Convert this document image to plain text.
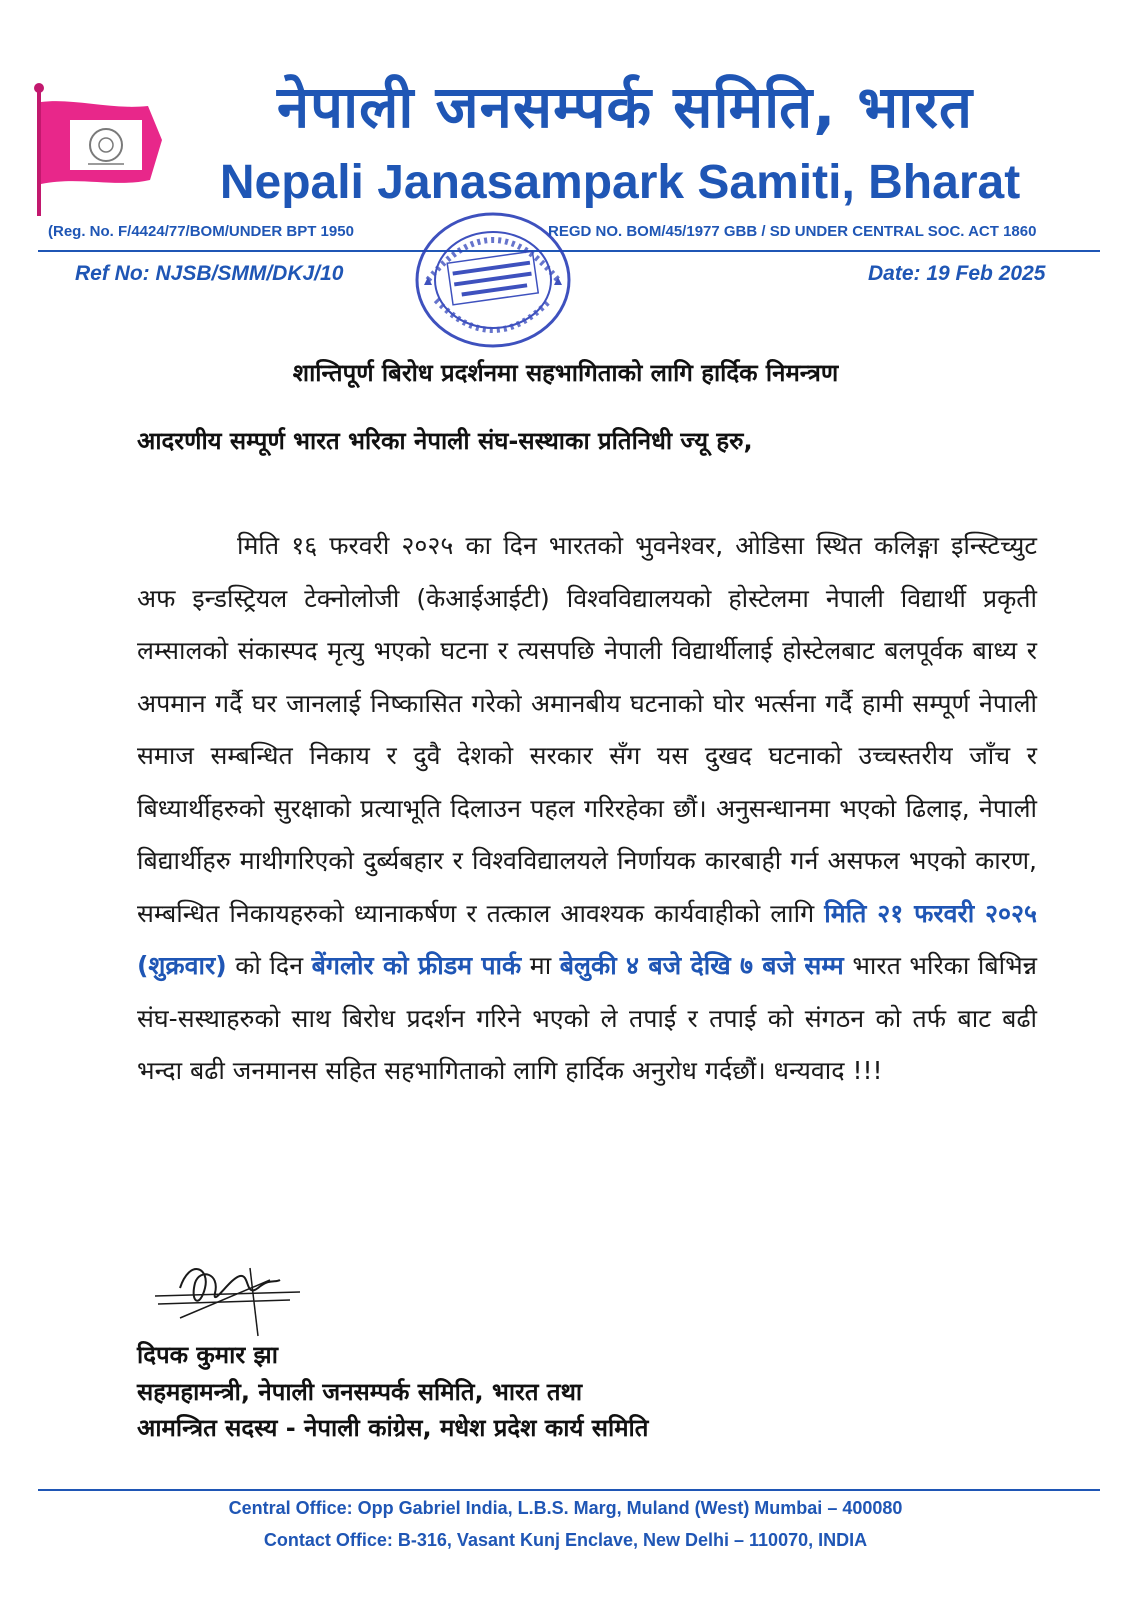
नेपाली जनसम्पर्क समिति, भारत
Nepali Janasampark Samiti, Bharat
(Reg. No. F/4424/77/BOM/UNDER BPT 1950	REGD NO. BOM/45/1977 GBB / SD UNDER CENTRAL SOC. ACT 1860
Ref No: NJSB/SMM/DKJ/10	Date: 19 Feb 2025
शान्तिपूर्ण बिरोध प्रदर्शनमा सहभागिताको लागि हार्दिक निमन्त्रण
आदरणीय सम्पूर्ण भारत भरिका नेपाली संघ-सस्थाका प्रतिनिधी ज्यू हरु,

मिति १६ फरवरी २०२५ का दिन भारतको भुवनेश्वर, ओडिसा स्थित कलिङ्गा इन्स्टिच्युट अफ इन्डस्ट्रियल टेक्नोलोजी (केआईआईटी) विश्वविद्यालयको होस्टेलमा नेपाली विद्यार्थी प्रकृती लम्सालको संकास्पद मृत्यु भएको घटना र त्यसपछि नेपाली विद्यार्थीलाई होस्टेलबाट बलपूर्वक बाध्य र अपमान गर्दै घर जानलाई निष्कासित गरेको अमानबीय घटनाको घोर भर्त्सना गर्दै हामी सम्पूर्ण नेपाली समाज सम्बन्धित निकाय र दुवै देशको सरकार सँग यस दुखद घटनाको उच्चस्तरीय जाँच र बिध्यार्थीहरुको सुरक्षाको प्रत्याभूति दिलाउन पहल गरिरहेका छौं। अनुसन्धानमा भएको ढिलाइ, नेपाली बिद्यार्थीहरु माथीगरिएको दुर्ब्यबहार र विश्वविद्यालयले निर्णायक कारबाही गर्न असफल भएको कारण, सम्बन्धित निकायहरुको ध्यानाकर्षण र तत्काल आवश्यक कार्यवाहीको लागि मिति २१ फरवरी २०२५ (शुक्रवार) को दिन बेंगलोर को फ्रीडम पार्क मा बेलुकी ४ बजे देखि ७ बजे सम्म भारत भरिका बिभिन्न संघ-सस्थाहरुको साथ बिरोध प्रदर्शन गरिने भएको ले तपाई र तपाई को संगठन को तर्फ बाट बढी भन्दा बढी जनमानस सहित सहभागिताको लागि हार्दिक अनुरोध गर्दछौं। धन्यवाद !!!

दिपक कुमार झा
सहमहामन्त्री, नेपाली जनसम्पर्क समिति, भारत तथा
आमन्त्रित सदस्य - नेपाली कांग्रेस, मधेश प्रदेश कार्य समिति
Central Office: Opp Gabriel India, L.B.S. Marg, Muland (West) Mumbai – 400080
Contact Office: B-316, Vasant Kunj Enclave, New Delhi – 110070, INDIA
